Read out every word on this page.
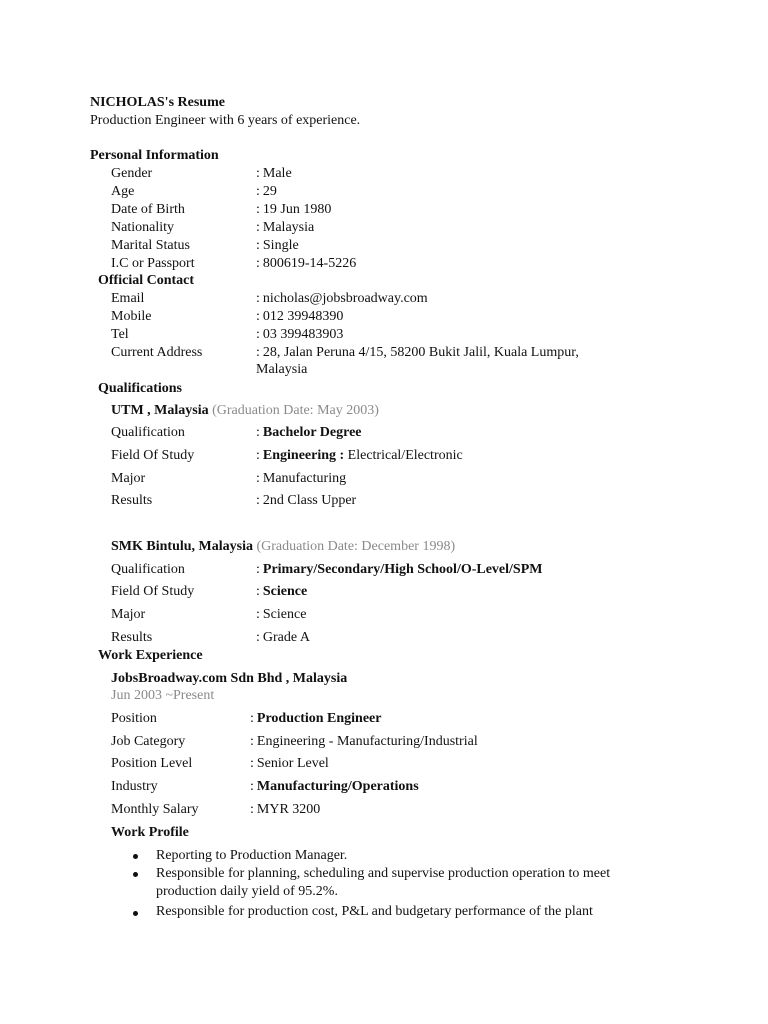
NICHOLAS's Resume
Production Engineer with 6 years of experience.
Personal Information
Gender	: Male
Age	: 29
Date of Birth	: 19 Jun 1980
Nationality	: Malaysia
Marital Status	: Single
I.C or Passport	: 800619-14-5226
Official Contact
Email	: nicholas@jobsbroadway.com
Mobile	: 012 39948390
Tel	: 03 399483903
Current Address	: 28, Jalan Peruna 4/15, 58200 Bukit Jalil, Kuala Lumpur,
Malaysia
Qualifications
UTM , Malaysia (Graduation Date: May 2003)
Qualification	: Bachelor Degree
Field Of Study	: Engineering : Electrical/Electronic
Major	: Manufacturing
Results	: 2nd Class Upper
SMK Bintulu, Malaysia (Graduation Date: December 1998)
Qualification	: Primary/Secondary/High School/O-Level/SPM
Field Of Study	: Science
Major	: Science
Results	: Grade A
Work Experience
JobsBroadway.com Sdn Bhd , Malaysia
Jun 2003 ~Present
Position	: Production Engineer
Job Category	: Engineering - Manufacturing/Industrial
Position Level	: Senior Level
Industry	: Manufacturing/Operations
Monthly Salary	: MYR 3200
Work Profile
Reporting to Production Manager.
Responsible for planning, scheduling and supervise production operation to meet
production daily yield of 95.2%.
Responsible for production cost, P&L and budgetary performance of the plant
